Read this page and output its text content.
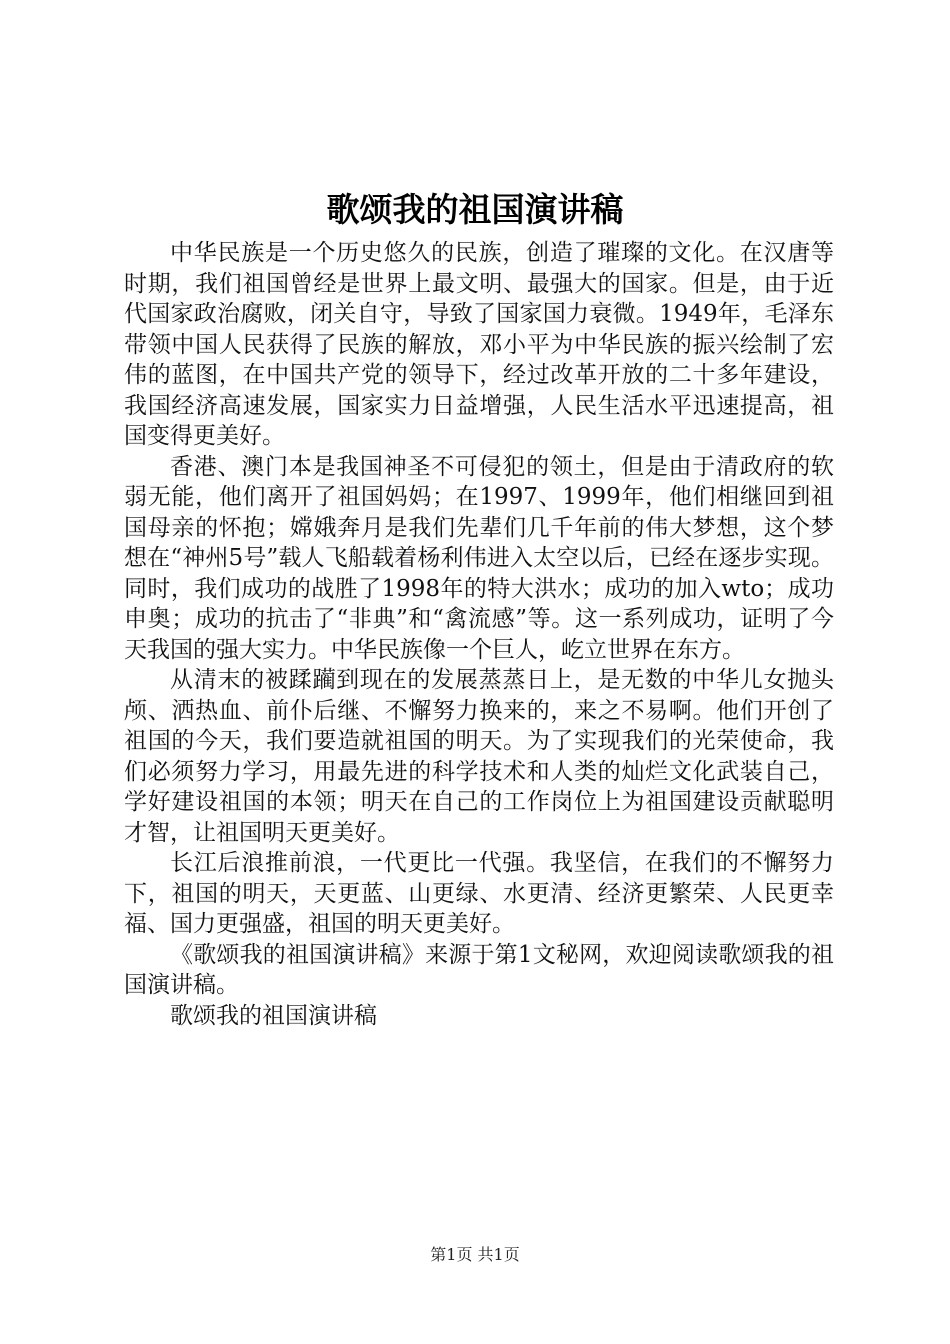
歌颂我的祖国演讲稿

中华民族是一个历史悠久的民族，创造了璀璨的文化。在汉唐等时期，我们祖国曾经是世界上最文明、最强大的国家。但是，由于近代国家政治腐败，闭关自守，导致了国家国力衰微。1949年，毛泽东带领中国人民获得了民族的解放，邓小平为中华民族的振兴绘制了宏伟的蓝图，在中国共产党的领导下，经过改革开放的二十多年建设，我国经济高速发展，国家实力日益增强，人民生活水平迅速提高，祖国变得更美好。

香港、澳门本是我国神圣不可侵犯的领土，但是由于清政府的软弱无能，他们离开了祖国妈妈；在1997、1999年，他们相继回到祖国母亲的怀抱；嫦娥奔月是我们先辈们几千年前的伟大梦想，这个梦想在“神州5号”载人飞船载着杨利伟进入太空以后，已经在逐步实现。同时，我们成功的战胜了1998年的特大洪水；成功的加入wto；成功申奥；成功的抗击了“非典”和“禽流感”等。这一系列成功，证明了今天我国的强大实力。中华民族像一个巨人，屹立世界在东方。

从清末的被蹂躏到现在的发展蒸蒸日上，是无数的中华儿女抛头颅、洒热血、前仆后继、不懈努力换来的，来之不易啊。他们开创了祖国的今天，我们要造就祖国的明天。为了实现我们的光荣使命，我们必须努力学习，用最先进的科学技术和人类的灿烂文化武装自己，学好建设祖国的本领；明天在自己的工作岗位上为祖国建设贡献聪明才智，让祖国明天更美好。

长江后浪推前浪，一代更比一代强。我坚信，在我们的不懈努力下，祖国的明天，天更蓝、山更绿、水更清、经济更繁荣、人民更幸福、国力更强盛，祖国的明天更美好。

《歌颂我的祖国演讲稿》来源于第1文秘网，欢迎阅读歌颂我的祖国演讲稿。

歌颂我的祖国演讲稿

第1页 共1页
